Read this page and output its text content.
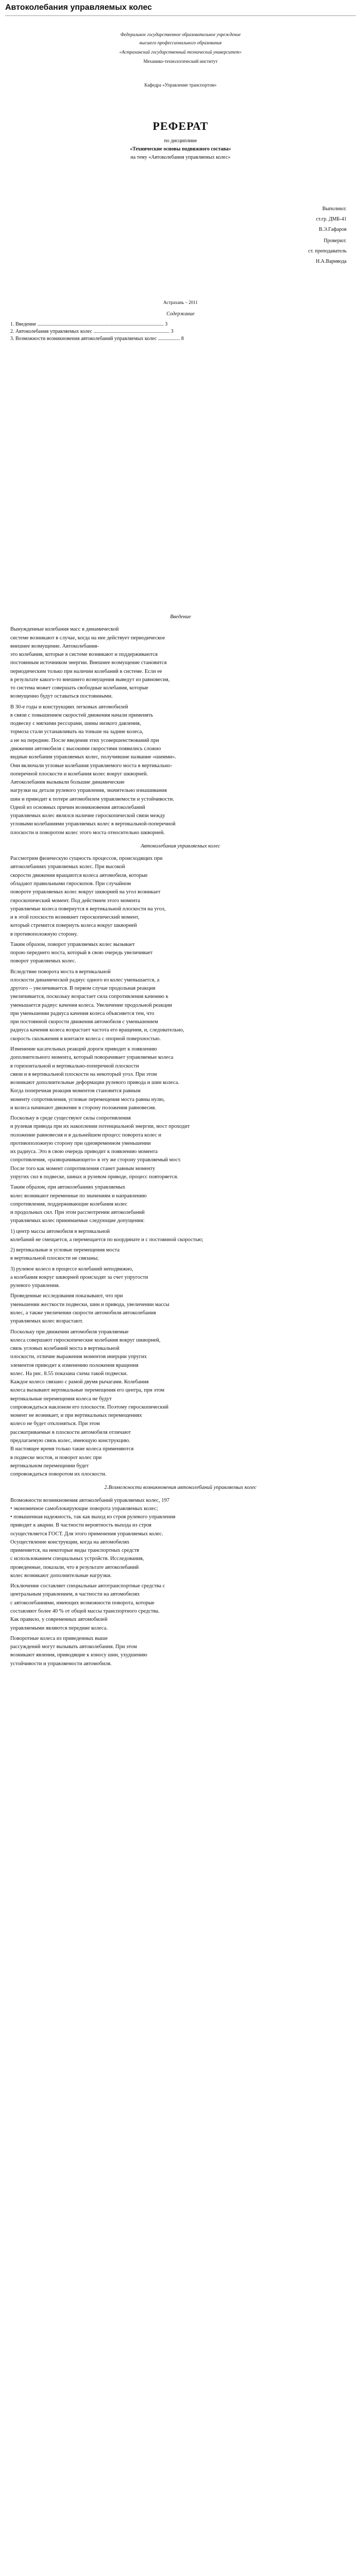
Автоколебания управляемых колес
Федеральное государственное образовательное учреждение
высшего профессионального образования
«Астраханский государственный технический университет»
Механико-технологический институт
Кафедра «Управление транспортом»
РЕФЕРАТ
по дисциплине
«Технические основы подвижного состава»
на тему «Автоколебания управляемых колес»
Выполнил:
ст.гр. ДМБ-41
В.Э.Гафаров
Проверил:
ст. преподаватель
Н.А.Варивода
Астрахань – 2011
Содержание
1. Введение .................................................................................................. 3
2. Автоколебания управляемых колес ........................................................... 3
3. Возможности возникновения автоколебаний управляемых колес ................. 8
Введение

Вынужденные колебания масс в динамической
системе возникают в случае, когда на нее действует периодическое
внешнее возмущение. Автоколебания-
это колебания, которые в системе возникают и поддерживаются
постоянным источником энергии. Внешнее возмущение становится
периодическим только при наличии колебаний в системе. Если ее
в результате какого-то внешнего возмущения выведут из равновесия,
то система может совершать свободные колебания, которые
возмущенно будут оставаться постоянными.

В 30-е годы и конструкциях легковых автомобилей
в связи с повышением скоростей движения начали применять
подвеску с мягкими рессорами, шины низкого давления,
тормоза стали устанавливать на тоньше на задние колеса,
а не на передние. После введения этих усовершенствований при
движении автомобиля с высокими скоростями появились сложно
видные колебания управляемых колес, получившие название «шимми».
Они включали угловые колебания управляемого моста в вертикально-
поперечной плоскости и колебания колес вокруг шкворней.
Автоколебания вызывали большие динамические
нагрузки на детали рулевого управления, значительно изнашивания
шин и приводит к потере автомобилем управляемости и устойчивости.
Одной из основных причин возникновения автоколебаний
управляемых колес являлся наличие гироскопической связи между
угловыми колебаниями управляемых колес в вертикальной-поперечной
плоскости и поворотом колес этого моста относительно шкворней.

Автоколебания управляемых колес

Рассмотрим физическую сущность процессов, происходящих при
автоколебаниях управляемых колес. При высокой
скорости движения вращаются колеса автомобиля, которые
обладают правильными гироскопов. При случайном
повороте управляемых колес вокруг шкворней на угол возникает
гироскопический момент. Под действием этого момента
управляемые колеса повернутся в вертикальной плоскости на угол,
и в этой плоскости возникнет гироскопический момент,
который стремится повернуть колеса вокруг шкворней
в противоположную сторону.

Таким образом, поворот управляемых колес вызывает
порою переднего моста, который в свою очередь увеличивает
поворот управляемых колес.

Вследствие поворота моста в вертикальной
плоскости динамической радиус одного из колес уменьшается, а
другого – увеличивается. В первом случае продольная реакция
увеличивается, поскольку возрастает сила сопротивления качению к
уменьшается радиус качения колеса. Увеличение продольной реакции
при уменьшении радиуса качения колеса объясняется тем, что
при постоянной скорости движения автомобиля с уменьшением
радиуса качения колеса возрастает частота его вращения, и, следовательно,
скорость скольжения в контакте колеса с опорной поверхностью.

Изменение касательных реакций дороги приводит к появлению
дополнительного момента, который поворачивает управляемые колеса
в горизонтальной и вертикально-поперечной плоскости
связи и в вертикальной плоскости на некоторый угол. При этом
возникают дополнительные деформации рулевого привода и шин колеса.
Когда поперечная реакция моментов становится равным
моменту сопротивления, угловые перемещения моста равны нулю,
и колеса начинают движение в сторону положения равновесия.

Поскольку в среде существуют силы сопротивления
и рулевая привода при их накоплении потенциальной энергии, мост проходит
положение равновесия и в дальнейшем процесс поворота колес и
противоположную сторону при одновременном уменьшении
их радиуса. Это в свою очередь приводит к появлению момента
сопротивления, «разворачивающего» в эту же сторону управляемый мост.
После того как момент сопротивления станет равным моменту
упругих сил в подвеске, шинах и рулевом приводе, процесс повторяется.

Таким образом, при автоколебаниях управляемых
колес возникают переменные по значениям и направлению
сопротивления, поддерживающие колебания колес
и продольных сил. При этом рассмотрении автоколебаний
управляемых колес принимаемые следующие допущения:

1) центр массы автомобиля в вертикальной
колебаний не смещается, а перемещается по координате и с постоянной скоростью;

2) вертикальные и угловые перемещения моста
в вертикальной плоскости не связаны;

3) рулевое колесо в процессе колебаний неподвижно,
а колебания вокруг шкворней происходят за счет упругости
рулевого управления.

Проведенные исследования показывают, что при
уменьшении жесткости подвески, шин и привода, увеличении массы
колес, а также увеличении скорости автомобиля автоколебания
управляемых колес возрастают.

Поскольку при движении автомобиля управляемые
колеса совершают гироскопические колебания вокруг шкворней,
связь угловых колебаний моста в вертикальной
плоскости, отличие выражения моментов инерции упругих
элементов приводит к изменению положения вращения
колес. На рис. 8.55 показана схема такой подвески.
Каждое колесо связано с рамой двумя рычагами. Колебания
колеса вызывают вертикальные перемещения его центра, при этом
вертикальные перемещения колеса не будут
сопровождаться наклоном его плоскости. Поэтому гироскопический
момент не возникает, и при вертикальных перемещениях
колесо не будет отклоняться. При этом
рассматриваемые в плоскости автомобиля отличают
предлагаемую связь колес, имеющую конструкцию.
В настоящее время только такие колеса применяются
в подвеске мостов, и поворот колес при
вертикальном перемещении будет
сопровождаться поворотом их плоскости.

2.Возможности возникновения автоколебаний управляемых колес

Возможности возникновения автоколебаний управляемых колес, 197
• экономичное самоблокирующие поворота управляемых колес;
• повышенная надежность, так как выход из строя рулевого управления
приводит к аварии. В частности вероятность выхода из строя
осуществляется ГОСТ. Для этого применения управляемых колес.
Осуществление конструкции, когда на автомобилях
применяется, на некоторые виды транспортных средств
с использованием специальных устройств. Исследования,
проведенные, показали, что в результате автоколебаний
колес возникают дополнительные нагрузки.

Исключение составляет специальные автотранспортные средства с
центральным управлением, в частности на автомобилях
с автоколебаниями, имеющих возможности поворота, которые
составляют более 40 % от общей массы транспортного средства.
Как правило, у современных автомобилей
управляемыми являются передние колеса.

Поворотные колеса из приведенных выше
рассуждений могут вызывать автоколебания. При этом
возникают явления, приводящие к износу шин, ухудшению
устойчивости и управляемости автомобиля.
